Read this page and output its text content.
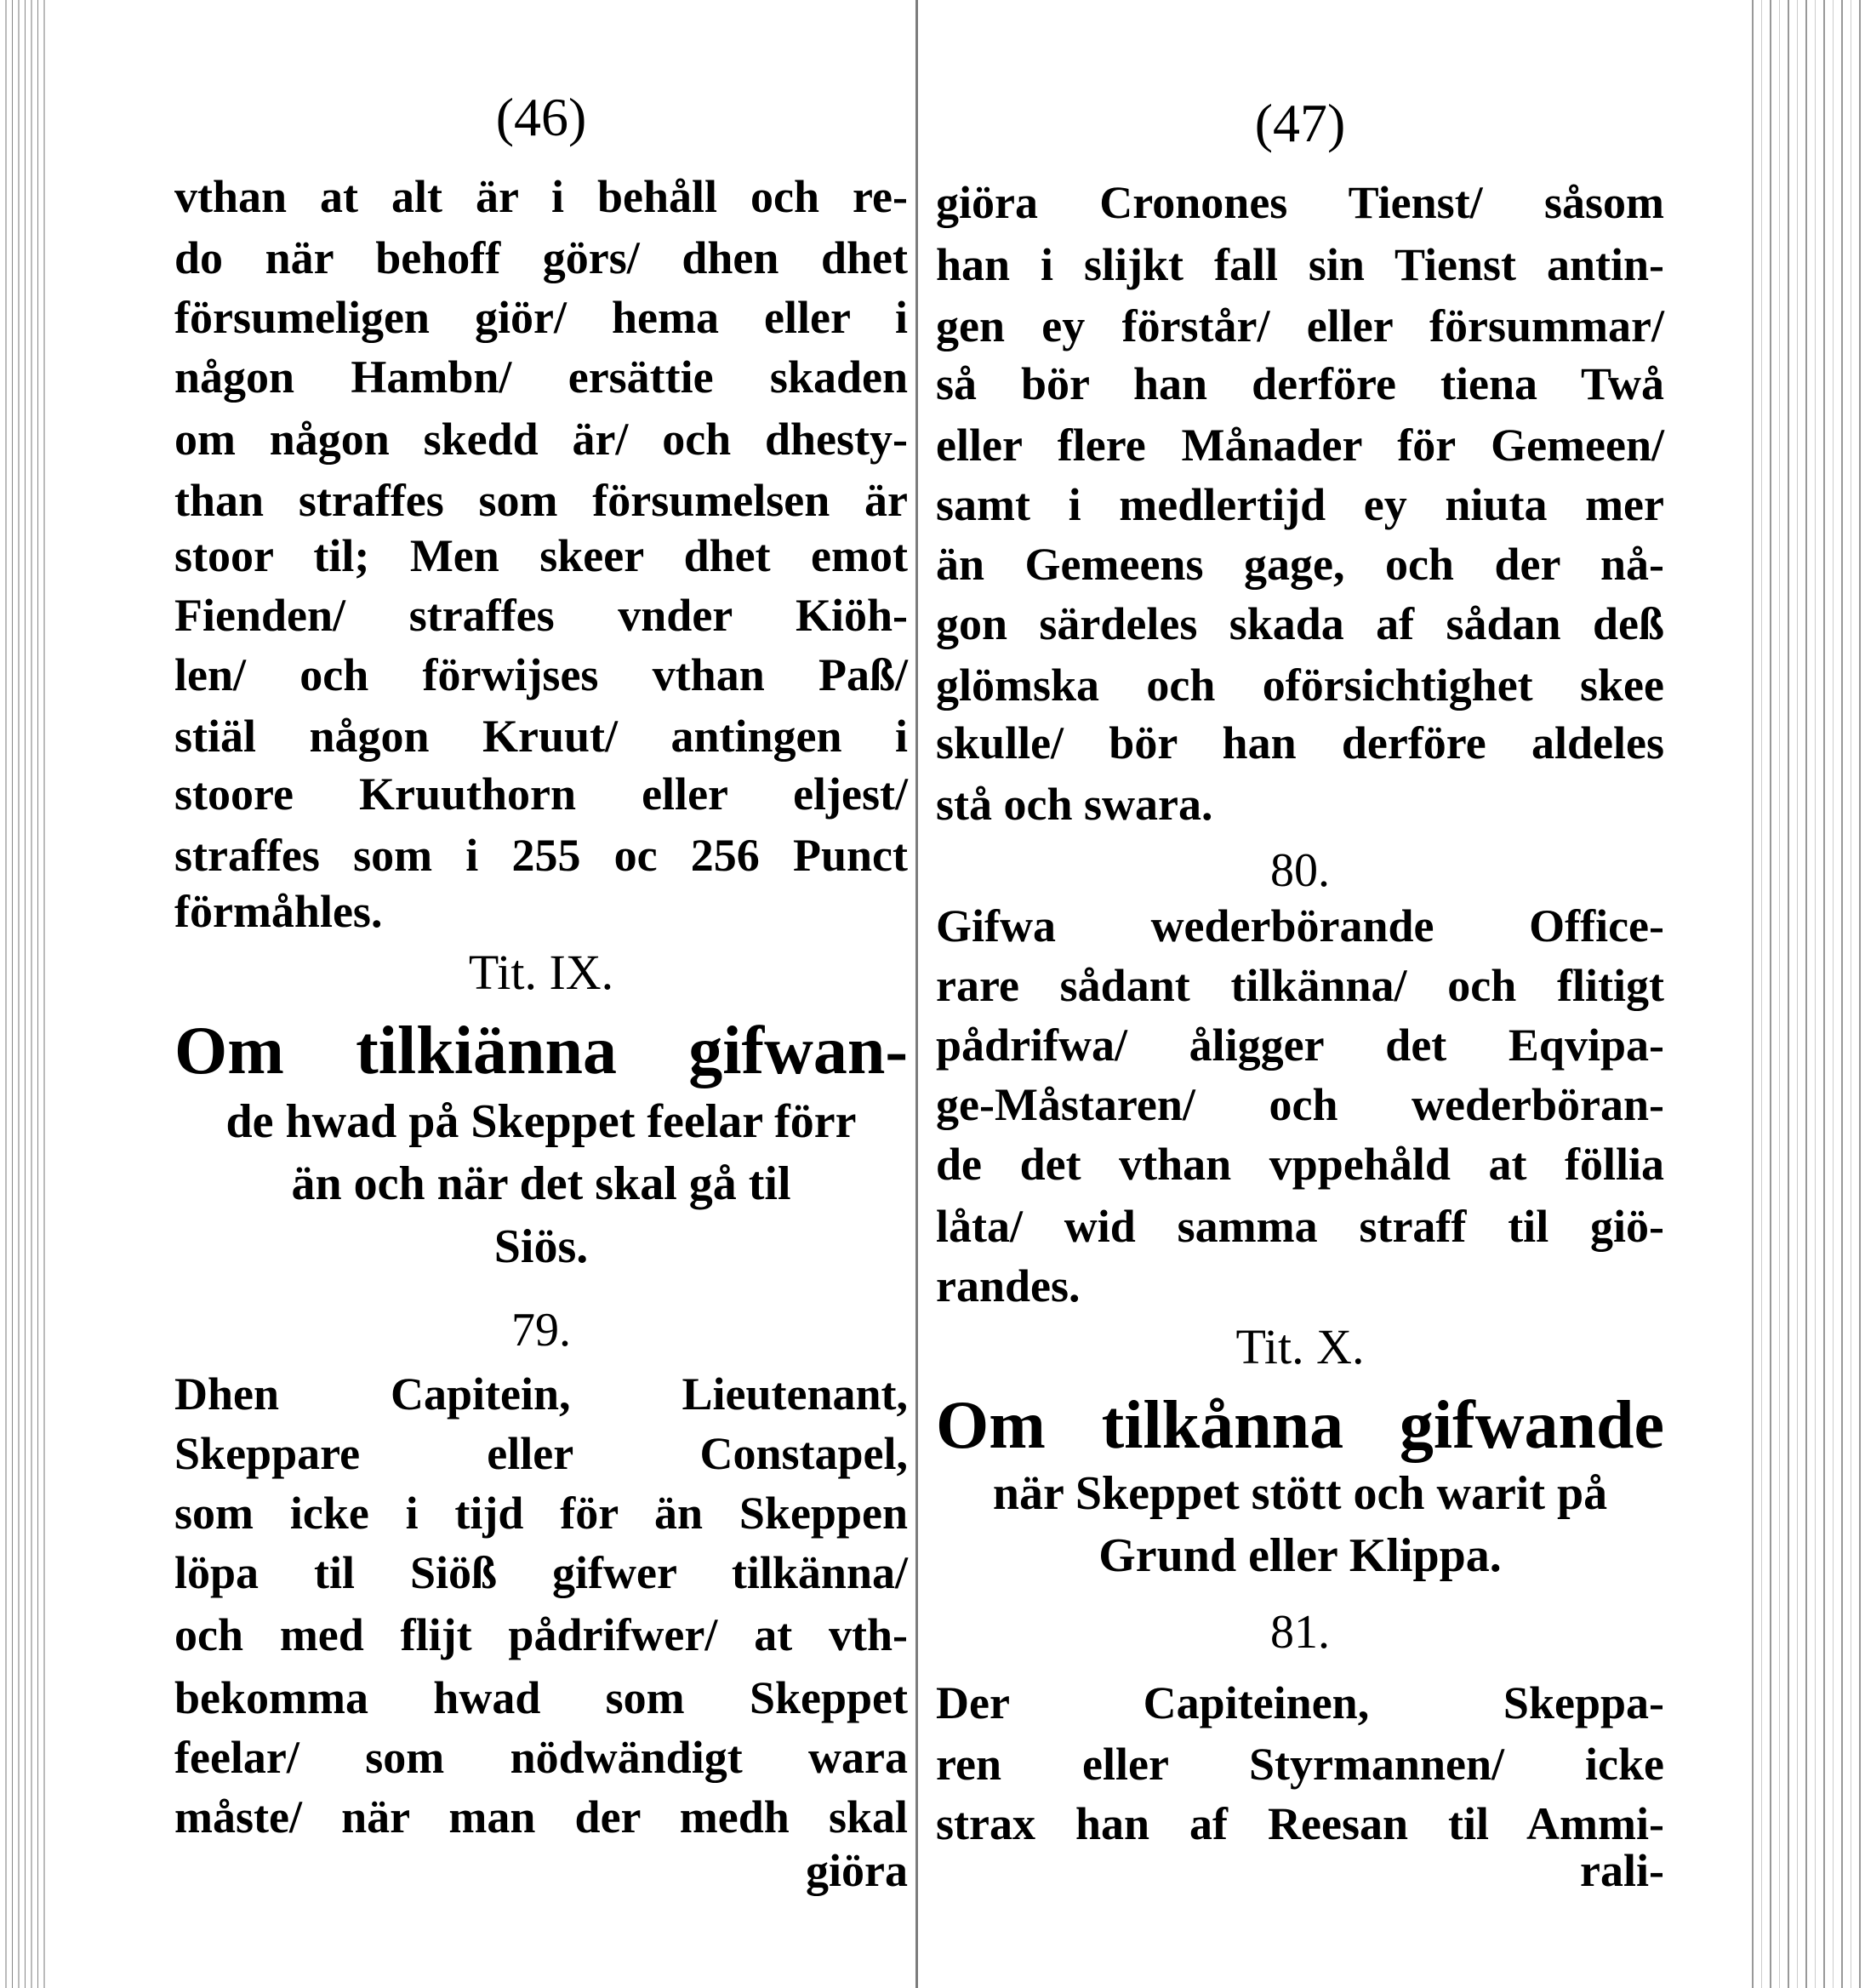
(46)
vthan at alt är i behåll och re-
do när behoff görs/ dhen dhet
försumeligen giör/ hema eller i
någon Hambn/ ersättie skaden
om någon skedd är/ och dhesty-
than straffes som försumelsen är
stoor til; Men skeer dhet emot
Fienden/ straffes vnder Kiöh-
len/ och förwijses vthan Paß/
stiäl någon Kruut/ antingen i
stoore Kruuthorn eller eljest/
straffes som i 255 oc 256 Punct
förmåhles.
Tit. IX.
Om tilkiänna gifwan-
de hwad på Skeppet feelar förr
än och när det skal gå til
Siös.
79.
Dhen Capitein, Lieutenant,
Skeppare eller Constapel,
som icke i tijd för än Skeppen
löpa til Siöß gifwer tilkänna/
och med flijt pådrifwer/ at vth-
bekomma hwad som Skeppet
feelar/ som nödwändigt wara
måste/ när man der medh skal
giöra
(47)
giöra Cronones Tienst/ såsom
han i slijkt fall sin Tienst antin-
gen ey förstår/ eller försummar/
så bör han derföre tiena Twå
eller flere Månader för Gemeen/
samt i medlertijd ey niuta mer
än Gemeens gage, och der nå-
gon särdeles skada af sådan deß
glömska och oförsichtighet skee
skulle/ bör han derföre aldeles
stå och swara.
80.
Gifwa wederbörande Officе-
rare sådant tilkänna/ och flitigt
pådrifwa/ åligger det Eqvipa-
ge-Måstaren/ och wederböran-
de det vthan vppehåld at föllia
låta/ wid samma straff til giö-
randes.
Tit. X.
Om tilkånna gifwande
när Skeppet stött och warit på
Grund eller Klippa.
81.
Der Capiteinen, Skeppa-
ren eller Styrmannen/ icke
strax han af Reesan til Ammi-
rali-
